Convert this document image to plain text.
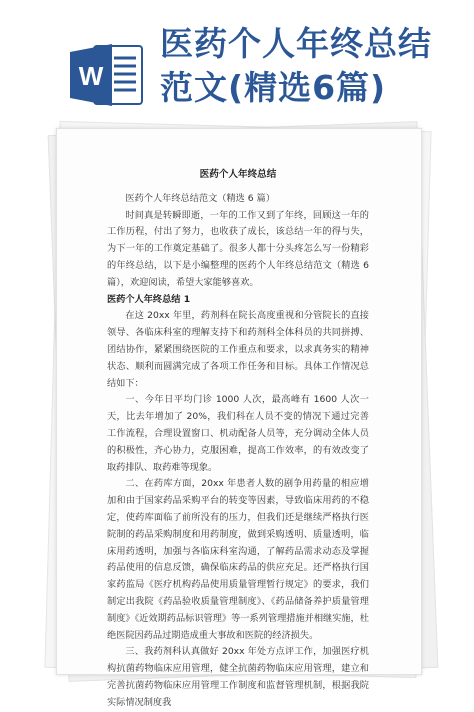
W
医药个人年终总结
范文(精选6篇)

医药个人年终总结

医药个人年终总结范文（精选 6 篇）

时间真是转瞬即逝，一年的工作又到了年终，回顾这一年的工作历程，付出了努力，也收获了成长，该总结一年的得与失，为下一年的工作奠定基础了。很多人都十分头疼怎么写一份精彩的年终总结，以下是小编整理的医药个人年终总结范文（精选 6 篇），欢迎阅读，希望大家能够喜欢。

医药个人年终总结 1

在这 20xx 年里，药剂科在院长高度重视和分管院长的直接领导、各临床科室的理解支持下和药剂科全体科员的共同拼搏、团结协作，紧紧围绕医院的工作重点和要求，以求真务实的精神状态、顺利而圆满完成了各项工作任务和目标。具体工作情况总结如下：

一、今年日平均门诊 1000 人次，最高峰有 1600 人次一天，比去年增加了 20%，我们科在人员不变的情况下通过完善工作流程，合理设置窗口、机动配备人员等，充分调动全体人员的积极性，齐心协力，克服困难，提高工作效率，的有效改变了取药排队、取药难等现象。

二、在药库方面，20xx 年患者人数的剧争用药量的相应增加和由于国家药品采购平台的转变等因素，导致临床用药的不稳定，使药库面临了前所没有的压力，但我们还是继续严格执行医院制的药品采购制度和用药制度，做到采购透明、质量透明，临床用药透明，加强与各临床科室沟通，了解药品需求动态及掌握药品使用的信息反馈，确保临床药品的供应充足。还严格执行国家药监局《医疗机构药品使用质量管理暂行规定》的要求，我们制定出我院《药品验收质量管理制度》、《药品储备养护质量管理制度》《近效期药品标识管理》等一系列管理措施并相继实施，杜绝医院因药品过期造成重大事故和医院的经济损失。

三、我药剂科认真做好 20xx 年处方点评工作，加强医疗机构抗菌药物临床应用管理，健全抗菌药物临床应用管理，建立和完善抗菌药物临床应用管理工作制度和监督管理机制，根据我院实际情况制度我
